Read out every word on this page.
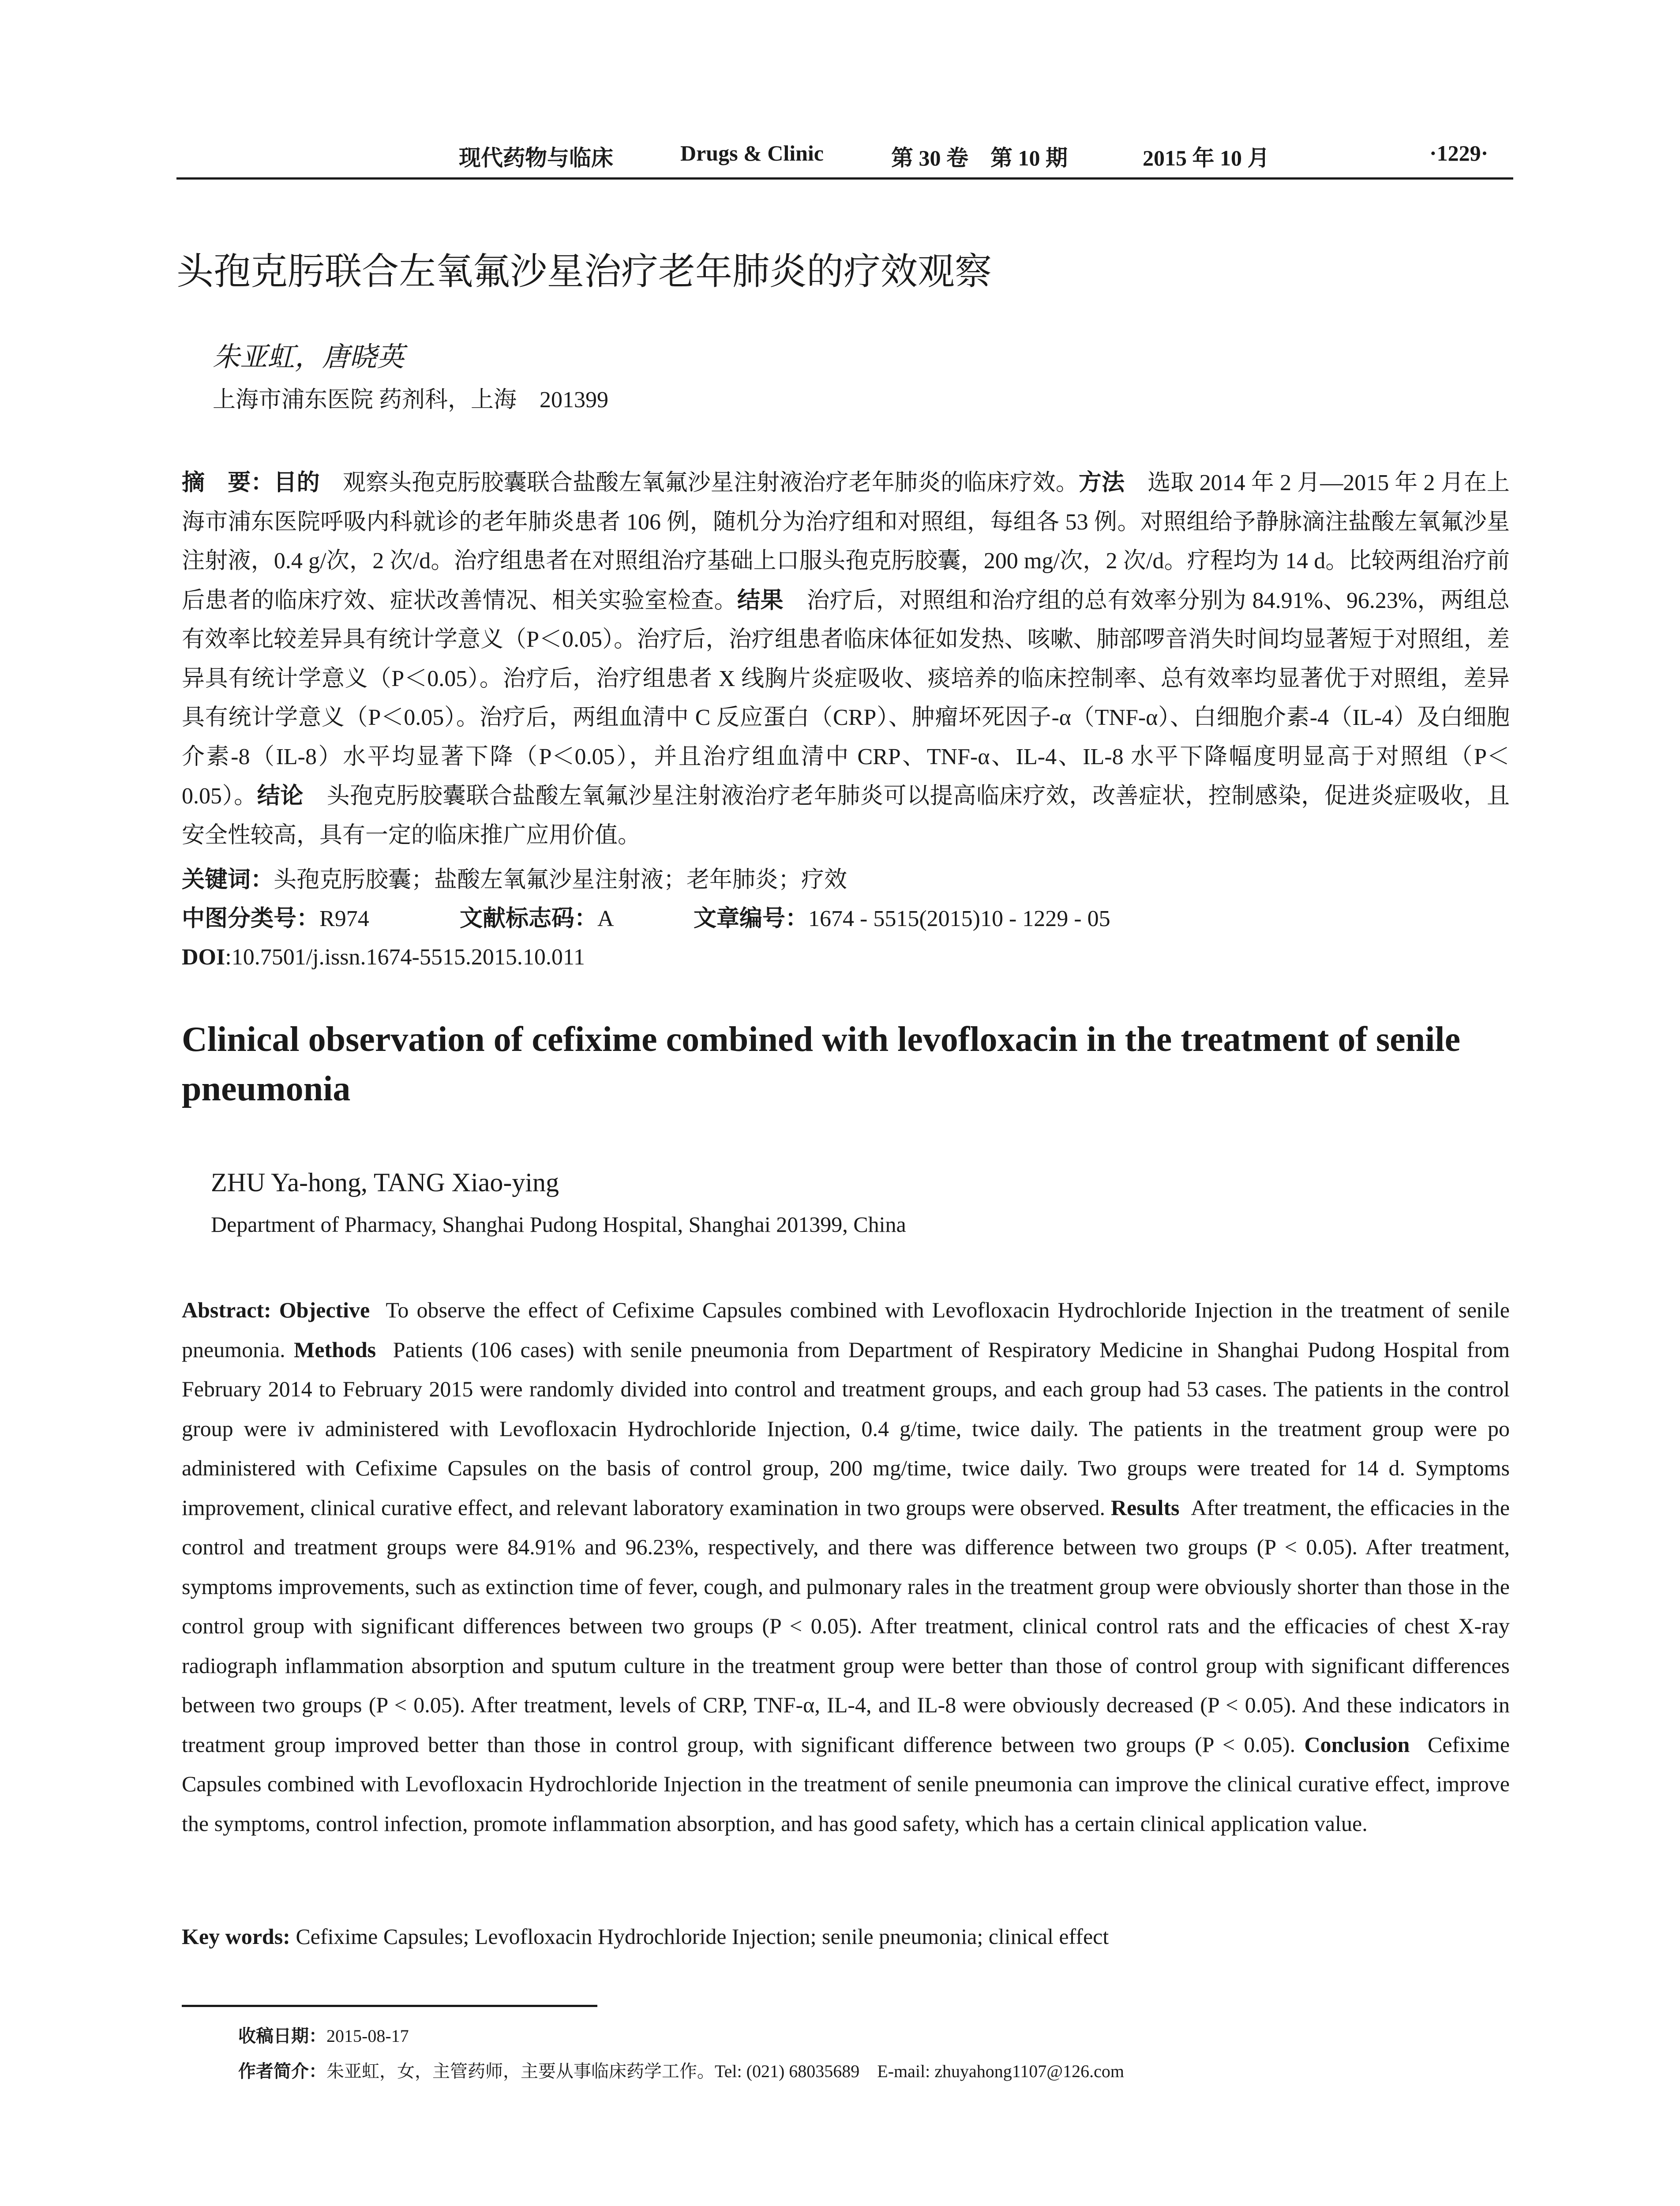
现代药物与临床	Drugs & Clinic	第 30 卷　第 10 期	2015 年 10 月	·1229·
头孢克肟联合左氧氟沙星治疗老年肺炎的疗效观察
朱亚虹，唐晓英
上海市浦东医院 药剂科，上海　201399
摘　要：目的　 观察头孢克肟胶囊联合盐酸左氧氟沙星注射液治疗老年肺炎的临床疗效。方法　 选取 2014 年 2 月—2015 年 2 月在上海市浦东医院呼吸内科就诊的老年肺炎患者 106 例，随机分为治疗组和对照组，每组各 53 例。对照组给予静脉滴注盐酸左氧氟沙星注射液，0.4 g/次，2 次/d。治疗组患者在对照组治疗基础上口服头孢克肟胶囊，200 mg/次，2 次/d。疗程均为 14 d。比较两组治疗前后患者的临床疗效、症状改善情况、相关实验室检查。结果　 治疗后，对照组和治疗组的总有效率分别为 84.91%、96.23%，两组总有效率比较差异具有统计学意义（P＜0.05）。治疗后，治疗组患者临床体征如发热、咳嗽、肺部啰音消失时间均显著短于对照组，差异具有统计学意义（P＜0.05）。治疗后，治疗组患者 X 线胸片炎症吸收、痰培养的临床控制率、总有效率均显著优于对照组，差异具有统计学意义（P＜0.05）。治疗后，两组血清中 C 反应蛋白（CRP）、肿瘤坏死因子-α（TNF-α）、白细胞介素-4（IL-4）及白细胞介素-8（IL-8）水平均显著下降（P＜0.05），并且治疗组血清中 CRP、TNF-α、IL-4、IL-8 水平下降幅度明显高于对照组（P＜0.05）。结论　 头孢克肟胶囊联合盐酸左氧氟沙星注射液治疗老年肺炎可以提高临床疗效，改善症状，控制感染，促进炎症吸收，且安全性较高，具有一定的临床推广应用价值。
关键词：头孢克肟胶囊；盐酸左氧氟沙星注射液；老年肺炎；疗效
中图分类号：R974	文献标志码：A	文章编号：1674 - 5515(2015)10 - 1229 - 05
DOI:10.7501/j.issn.1674-5515.2015.10.011
Clinical observation of cefixime combined with levofloxacin in the treatment of senile pneumonia
ZHU Ya-hong, TANG Xiao-ying
Department of Pharmacy, Shanghai Pudong Hospital, Shanghai 201399, China
Abstract: Objective To observe the effect of Cefixime Capsules combined with Levofloxacin Hydrochloride Injection in the treatment of senile pneumonia. Methods Patients (106 cases) with senile pneumonia from Department of Respiratory Medicine in Shanghai Pudong Hospital from February 2014 to February 2015 were randomly divided into control and treatment groups, and each group had 53 cases. The patients in the control group were iv administered with Levofloxacin Hydrochloride Injection, 0.4 g/time, twice daily. The patients in the treatment group were po administered with Cefixime Capsules on the basis of control group, 200 mg/time, twice daily. Two groups were treated for 14 d. Symptoms improvement, clinical curative effect, and relevant laboratory examination in two groups were observed. Results After treatment, the efficacies in the control and treatment groups were 84.91% and 96.23%, respectively, and there was difference between two groups (P < 0.05). After treatment, symptoms improvements, such as extinction time of fever, cough, and pulmonary rales in the treatment group were obviously shorter than those in the control group with significant differences between two groups (P < 0.05). After treatment, clinical control rats and the efficacies of chest X-ray radiograph inflammation absorption and sputum culture in the treatment group were better than those of control group with significant differences between two groups (P < 0.05). After treatment, levels of CRP, TNF-α, IL-4, and IL-8 were obviously decreased (P < 0.05). And these indicators in treatment group improved better than those in control group, with significant difference between two groups (P < 0.05). Conclusion Cefixime Capsules combined with Levofloxacin Hydrochloride Injection in the treatment of senile pneumonia can improve the clinical curative effect, improve the symptoms, control infection, promote inflammation absorption, and has good safety, which has a certain clinical application value.
Key words: Cefixime Capsules; Levofloxacin Hydrochloride Injection; senile pneumonia; clinical effect
收稿日期：2015-08-17
作者简介：朱亚虹，女，主管药师，主要从事临床药学工作。Tel: (021) 68035689　E-mail: zhuyahong1107@126.com
